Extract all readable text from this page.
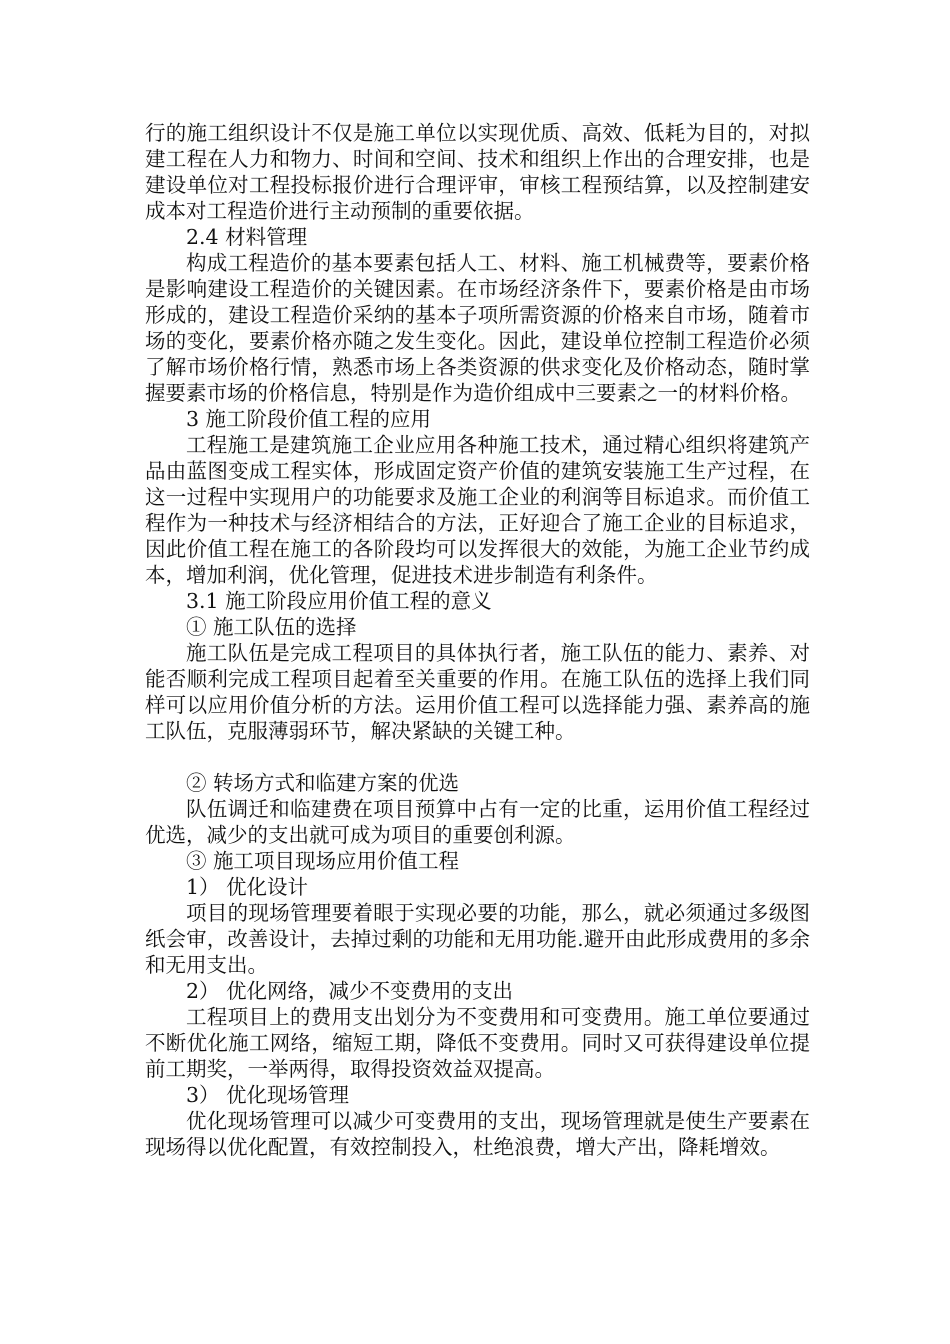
行的施工组织设计不仅是施工单位以实现优质、高效、低耗为目的，对拟建工程在人力和物力、时间和空间、技术和组织上作出的合理安排，也是建设单位对工程投标报价进行合理评审，审核工程预结算，以及控制建安成本对工程造价进行主动预制的重要依据。

2.4 材料管理

构成工程造价的基本要素包括人工、材料、施工机械费等，要素价格是影响建设工程造价的关键因素。在市场经济条件下，要素价格是由市场形成的，建设工程造价采纳的基本子项所需资源的价格来自市场，随着市场的变化，要素价格亦随之发生变化。因此，建设单位控制工程造价必须了解市场价格行情，熟悉市场上各类资源的供求变化及价格动态，随时掌握要素市场的价格信息，特别是作为造价组成中三要素之一的材料价格。

3 施工阶段价值工程的应用

工程施工是建筑施工企业应用各种施工技术，通过精心组织将建筑产品由蓝图变成工程实体，形成固定资产价值的建筑安装施工生产过程，在这一过程中实现用户的功能要求及施工企业的利润等目标追求。而价值工程作为一种技术与经济相结合的方法，正好迎合了施工企业的目标追求，因此价值工程在施工的各阶段均可以发挥很大的效能，为施工企业节约成本，增加利润，优化管理，促进技术进步制造有利条件。

3.1 施工阶段应用价值工程的意义

① 施工队伍的选择

施工队伍是完成工程项目的具体执行者，施工队伍的能力、素养、对能否顺利完成工程项目起着至关重要的作用。在施工队伍的选择上我们同样可以应用价值分析的方法。运用价值工程可以选择能力强、素养高的施工队伍，克服薄弱环节，解决紧缺的关键工种。

② 转场方式和临建方案的优选

队伍调迁和临建费在项目预算中占有一定的比重，运用价值工程经过优选，减少的支出就可成为项目的重要创利源。

③ 施工项目现场应用价值工程

1） 优化设计

项目的现场管理要着眼于实现必要的功能，那么，就必须通过多级图纸会审，改善设计，去掉过剩的功能和无用功能.避开由此形成费用的多余和无用支出。

2） 优化网络，减少不变费用的支出

工程项目上的费用支出划分为不变费用和可变费用。施工单位要通过不断优化施工网络，缩短工期，降低不变费用。同时又可获得建设单位提前工期奖，一举两得，取得投资效益双提高。

3） 优化现场管理

优化现场管理可以减少可变费用的支出，现场管理就是使生产要素在现场得以优化配置，有效控制投入，杜绝浪费，增大产出，降耗增效。
